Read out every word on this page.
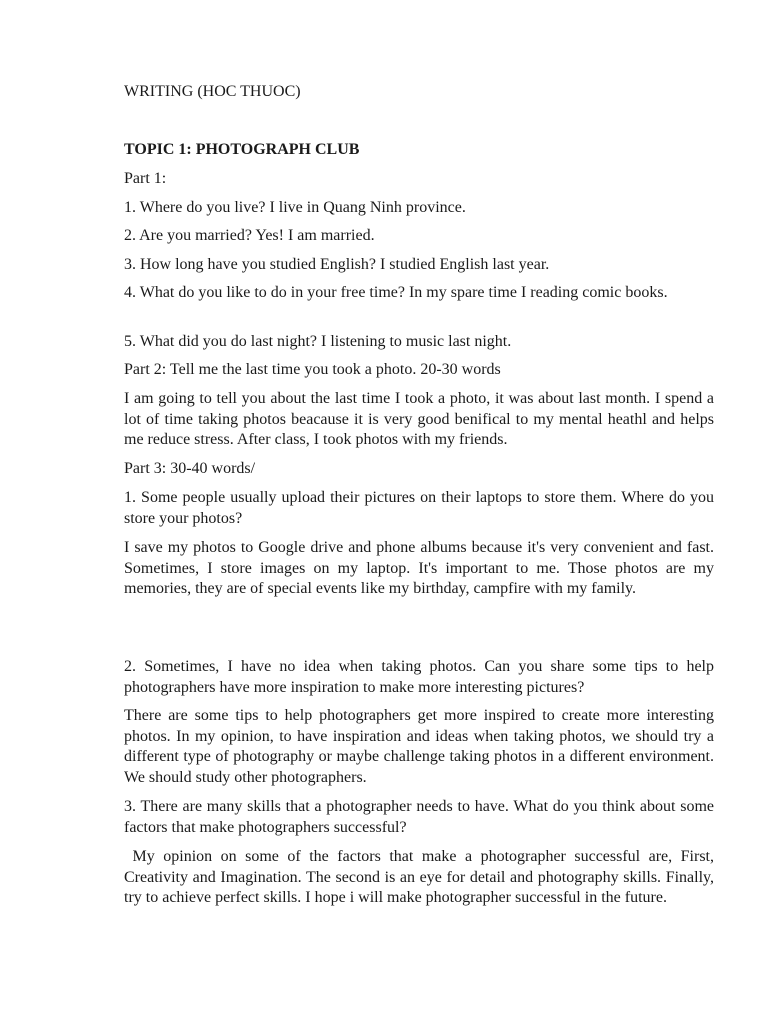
WRITING (HOC THUOC)

TOPIC 1: PHOTOGRAPH CLUB

Part 1:

1. Where do you live? I live in Quang Ninh province.

2. Are you married? Yes! I am married.

3. How long have you studied English? I studied English last year.

4. What do you like to do in your free time? In my spare time I reading comic books.

5. What did you do last night? I listening to music last night.

Part 2: Tell me the last time you took a photo. 20-30 words

I am going to tell you about the last time I took a photo, it was about last month. I spend a lot of time taking photos beacause it is very good benifical to my mental heathl and helps me reduce stress. After class, I took photos with my friends.

Part 3: 30-40 words/

1. Some people usually upload their pictures on their laptops to store them. Where do you store your photos?

I save my photos to Google drive and phone albums because it's very convenient and fast. Sometimes, I store images on my laptop. It's important to me. Those photos are my memories, they are of special events like my birthday, campfire with my family.

2. Sometimes, I have no idea when taking photos. Can you share some tips to help photographers have more inspiration to make more interesting pictures?

There are some tips to help photographers get more inspired to create more interesting photos. In my opinion, to have inspiration and ideas when taking photos, we should try a different type of photography or maybe challenge taking photos in a different environment. We should study other photographers.

3. There are many skills that a photographer needs to have. What do you think about some factors that make photographers successful?

My opinion on some of the factors that make a photographer successful are, First, Creativity and Imagination. The second is an eye for detail and photography skills. Finally, try to achieve perfect skills. I hope i will make photographer successful in the future.
